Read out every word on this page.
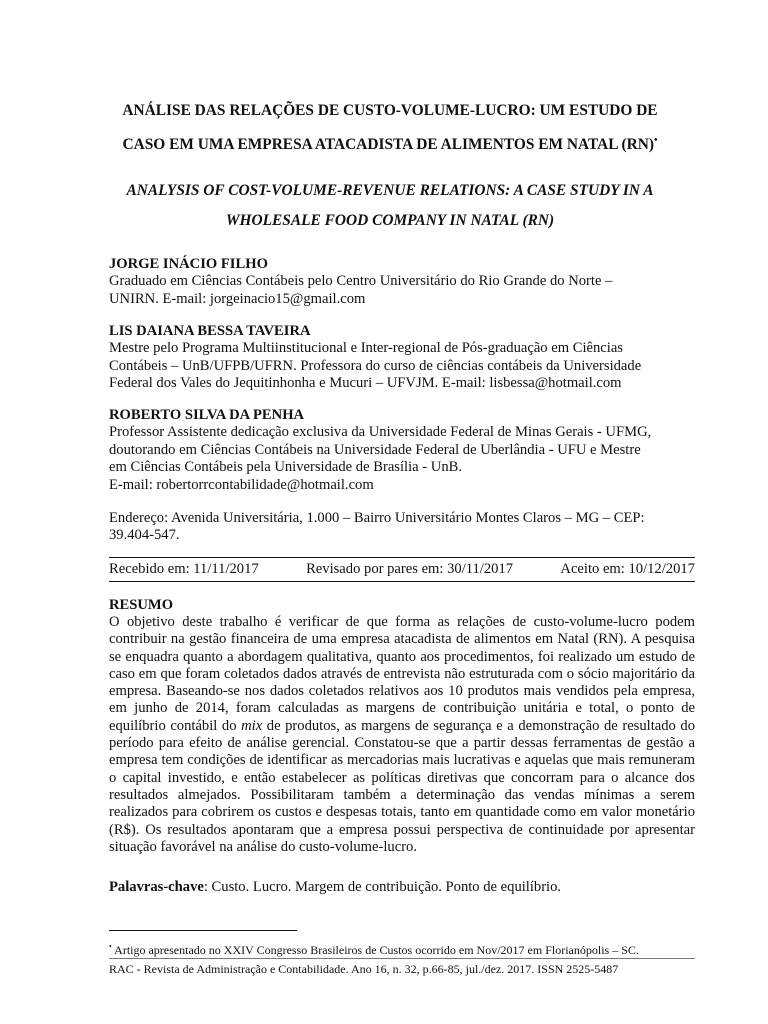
ANÁLISE DAS RELAÇÕES DE CUSTO-VOLUME-LUCRO: UM ESTUDO DE
CASO EM UMA EMPRESA ATACADISTA DE ALIMENTOS EM NATAL (RN)•
ANALYSIS OF COST-VOLUME-REVENUE RELATIONS: A CASE STUDY IN A
WHOLESALE FOOD COMPANY IN NATAL (RN)
JORGE INÁCIO FILHO
Graduado em Ciências Contábeis pelo Centro Universitário do Rio Grande do Norte –
UNIRN. E-mail: jorgeinacio15@gmail.com
LIS DAIANA BESSA TAVEIRA
Mestre pelo Programa Multiinstitucional e Inter-regional de Pós-graduação em Ciências
Contábeis – UnB/UFPB/UFRN. Professora do curso de ciências contábeis da Universidade
Federal dos Vales do Jequitinhonha e Mucuri – UFVJM. E-mail: lisbessa@hotmail.com
ROBERTO SILVA DA PENHA
Professor Assistente dedicação exclusiva da Universidade Federal de Minas Gerais - UFMG,
doutorando em Ciências Contábeis na Universidade Federal de Uberlândia - UFU e Mestre
em Ciências Contábeis pela Universidade de Brasília - UnB.
E-mail: robertorrcontabilidade@hotmail.com
Endereço: Avenida Universitária, 1.000 – Bairro Universitário Montes Claros – MG – CEP:
39.404-547.
Recebido em: 11/11/2017	Revisado por pares em: 30/11/2017	Aceito em: 10/12/2017
RESUMO
O objetivo deste trabalho é verificar de que forma as relações de custo-volume-lucro podem contribuir na gestão financeira de uma empresa atacadista de alimentos em Natal (RN). A pesquisa se enquadra quanto a abordagem qualitativa, quanto aos procedimentos, foi realizado um estudo de caso em que foram coletados dados através de entrevista não estruturada com o sócio majoritário da empresa. Baseando-se nos dados coletados relativos aos 10 produtos mais vendidos pela empresa, em junho de 2014, foram calculadas as margens de contribuição unitária e total, o ponto de equilíbrio contábil do mix de produtos, as margens de segurança e a demonstração de resultado do período para efeito de análise gerencial. Constatou-se que a partir dessas ferramentas de gestão a empresa tem condições de identificar as mercadorias mais lucrativas e aquelas que mais remuneram o capital investido, e então estabelecer as políticas diretivas que concorram para o alcance dos resultados almejados. Possibilitaram também a determinação das vendas mínimas a serem realizados para cobrirem os custos e despesas totais, tanto em quantidade como em valor monetário (R$). Os resultados apontaram que a empresa possui perspectiva de continuidade por apresentar situação favorável na análise do custo-volume-lucro.
Palavras-chave: Custo. Lucro. Margem de contribuição. Ponto de equilíbrio.
• Artigo apresentado no XXIV Congresso Brasileiros de Custos ocorrido em Nov/2017 em Florianópolis – SC.
RAC - Revista de Administração e Contabilidade. Ano 16, n. 32, p.66-85, jul./dez. 2017. ISSN 2525-5487
